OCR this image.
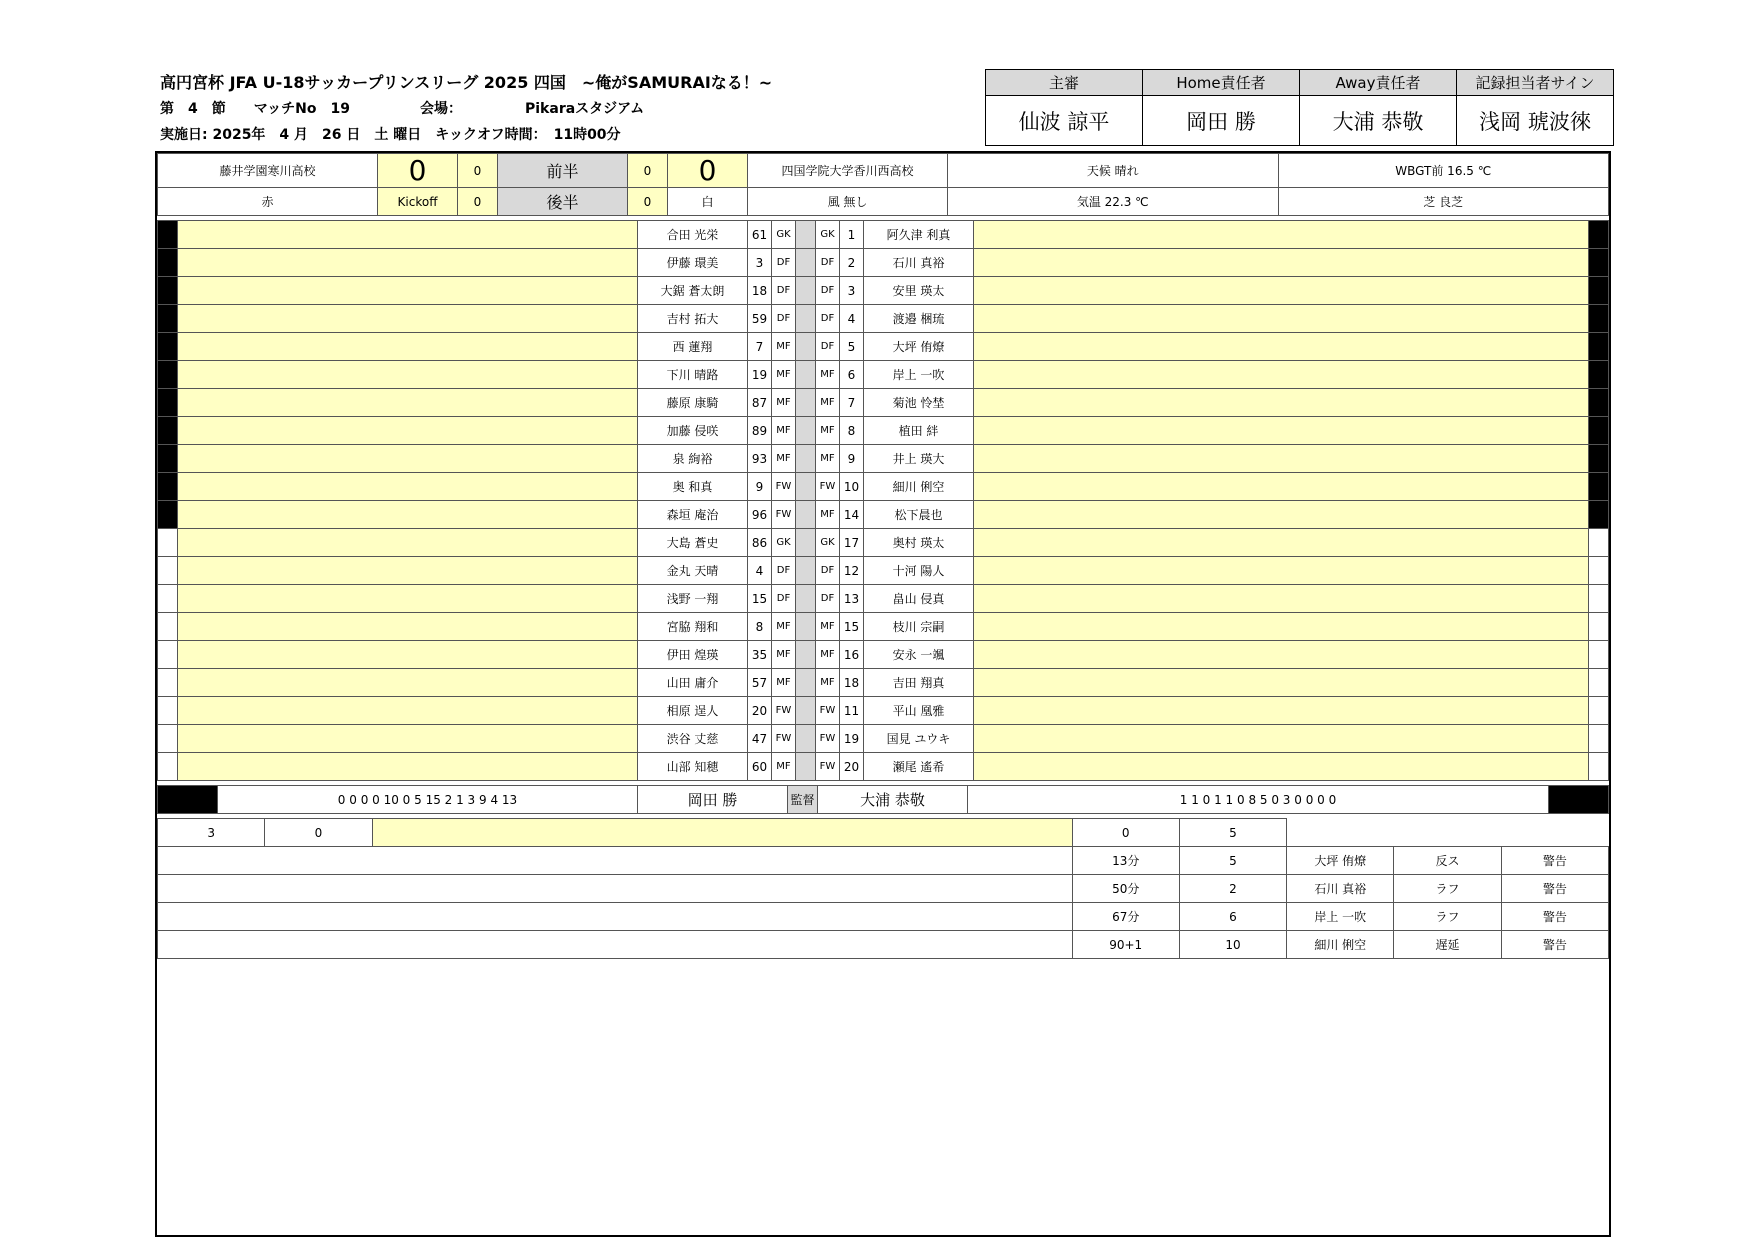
高円宮杯 JFA U-18サッカープリンスリーグ 2025 四国　~俺がSAMURAIなる！~
第　4　節　　マッチNo　19　　　　　会場：　　　　　Pikaraスタジアム
実施日: 2025年　4 月　26 日　土 曜日　キックオフ時間：　11時00分
主審	Home責任者	Away責任者	記録担当者サイン
仙波 諒平	岡田 勝	大浦 恭敬	浅岡 琥波徠
藤井学園寒川高校	0	0	前半	0	0	四国学院大学香川西高校	天候 晴れ	WBGT前 16.5 ℃
赤	Kickoff	0	後半	0	白	風 無し	気温 22.3 ℃	芝 良芝
		合田 光栄	61	GK		GK	1	阿久津 利真		
		伊藤 環美	3	DF		DF	2	石川 真裕		
		大鋸 蒼太朗	18	DF		DF	3	安里 瑛太		
		吉村 拓大	59	DF		DF	4	渡邉 梱琉		
		西 蓮翔	7	MF		DF	5	大坪 侑燎		
		下川 晴路	19	MF		MF	6	岸上 一吹		
		藤原 康騎	87	MF		MF	7	菊池 怜埜		
		加藤 侵咲	89	MF		MF	8	植田 絆		
		泉 絢裕	93	MF		MF	9	井上 瑛大		
		奥 和真	9	FW		FW	10	細川 俐空		
		森垣 庵治	96	FW		MF	14	松下晨也		
		大島 蒼史	86	GK		GK	17	奥村 瑛太		
		金丸 天晴	4	DF		DF	12	十河 陽人		
		浅野 一翔	15	DF		DF	13	畠山 侵真		
		宮脇 翔和	8	MF		MF	15	枝川 宗嗣		
		伊田 煌瑛	35	MF		MF	16	安永 一颯		
		山田 庸介	57	MF		MF	18	吉田 翔真		
		相原 逞人	20	FW		FW	11	平山 凰雅		
		渋谷 丈慈	47	FW		FW	19	国見 ユウキ		
		山部 知穂	60	MF		FW	20	瀬尾 遙希		
	0 0 0 0 10 0 5 15 2 1 3 9 4 13	岡田 勝	監督	大浦 恭敬	1 1 0 1 1 0 8 5 0 3 0 0 0 0	
3	0		0	5			
			13分	5	大坪 侑燎	反ス	警告
			50分	2	石川 真裕	ラフ	警告
			67分	6	岸上 一吹	ラフ	警告
			90+1	10	細川 俐空	遅延	警告
